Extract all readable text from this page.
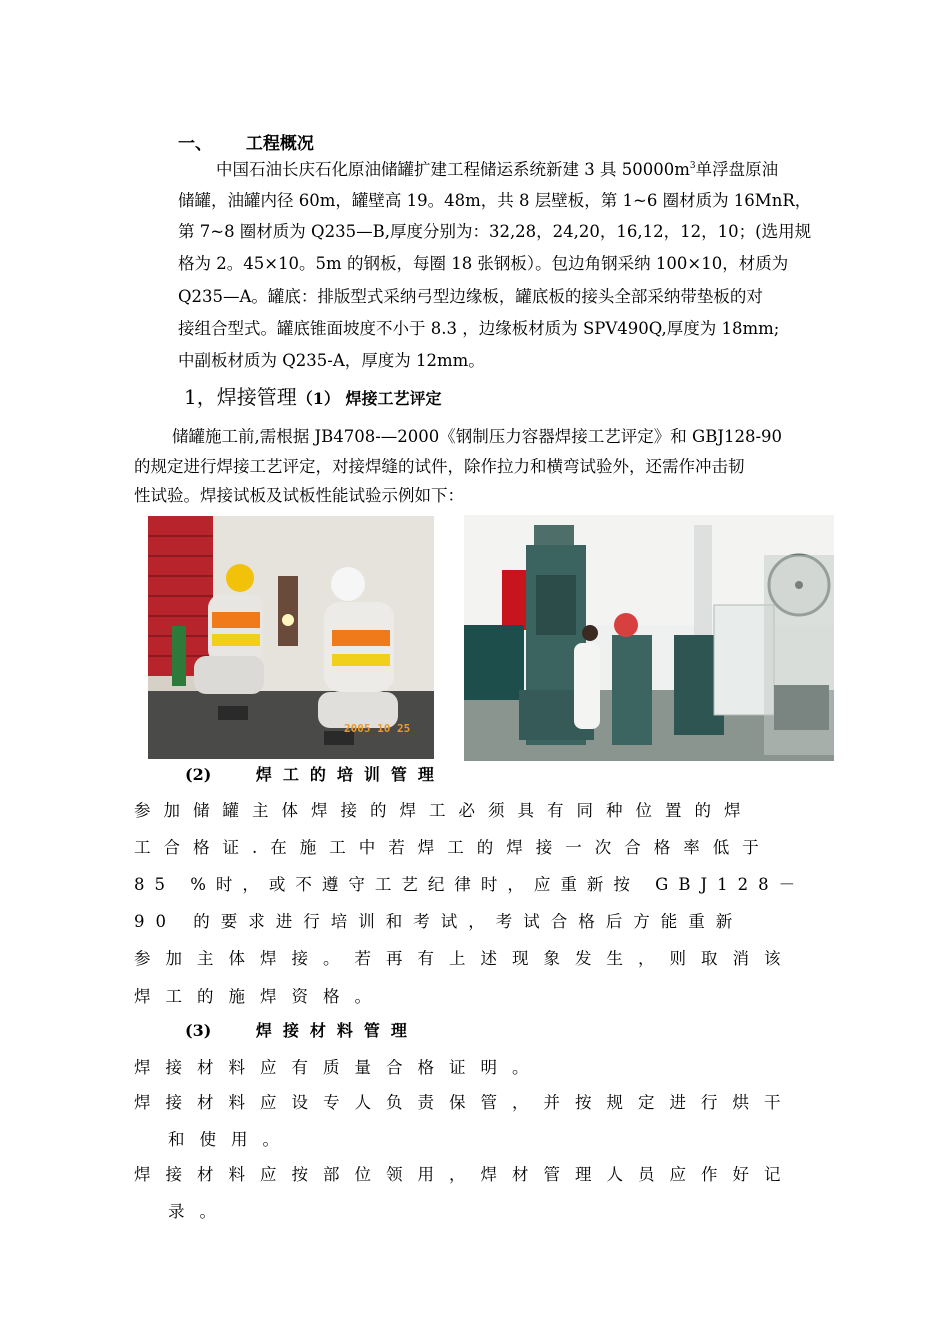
一、 工程概况
中国石油长庆石化原油储罐扩建工程储运系统新建 3 具 $50000m^3$单浮盘原油
储罐，油罐内径 60m，罐壁高 19。48m，共 8 层壁板，第 1~6 圈材质为 16MnR，
第 7~8 圈材质为 Q235—B,厚度分别为：32,28，24,20，16,12，12，10；(选用规
格为 2。45×10。5m 的钢板，每圈 18 张钢板）。包边角钢采纳 100×10，材质为
Q235—A。罐底：排版型式采纳弓型边缘板，罐底板的接头全部采纳带垫板的对
接组合型式。罐底锥面坡度不小于 8.3 ，边缘板材质为 SPV490Q,厚度为 18mm;
中副板材质为 Q235-A，厚度为 12mm。
1，焊接管理（1） 焊接工艺评定
储罐施工前,需根据 JB4708-—2000《钢制压力容器焊接工艺评定》和 GBJ128-90
的规定进行焊接工艺评定，对接焊缝的试件，除作拉力和横弯试验外，还需作冲击韧
性试验。焊接试板及试板性能试验示例如下：
2005 10 25
(2)	焊工的培训管理
参加储罐主体焊接的焊工必须具有同种位置的焊
工合格证.在施工中若焊工的焊接一次合格率低于
85 %时，或不遵守工艺纪律时，应重新按 GBJ128－
90 的要求进行培训和考试，考试合格后方能重新
参加主体焊接。若再有上述现象发生，则取消该
焊工的施焊资格。
(3)	焊接材料管理
焊接材料应有质量合格证明。
焊接材料应设专人负责保管，并按规定进行烘干
和使用。
焊接材料应按部位领用，焊材管理人员应作好记
录。
